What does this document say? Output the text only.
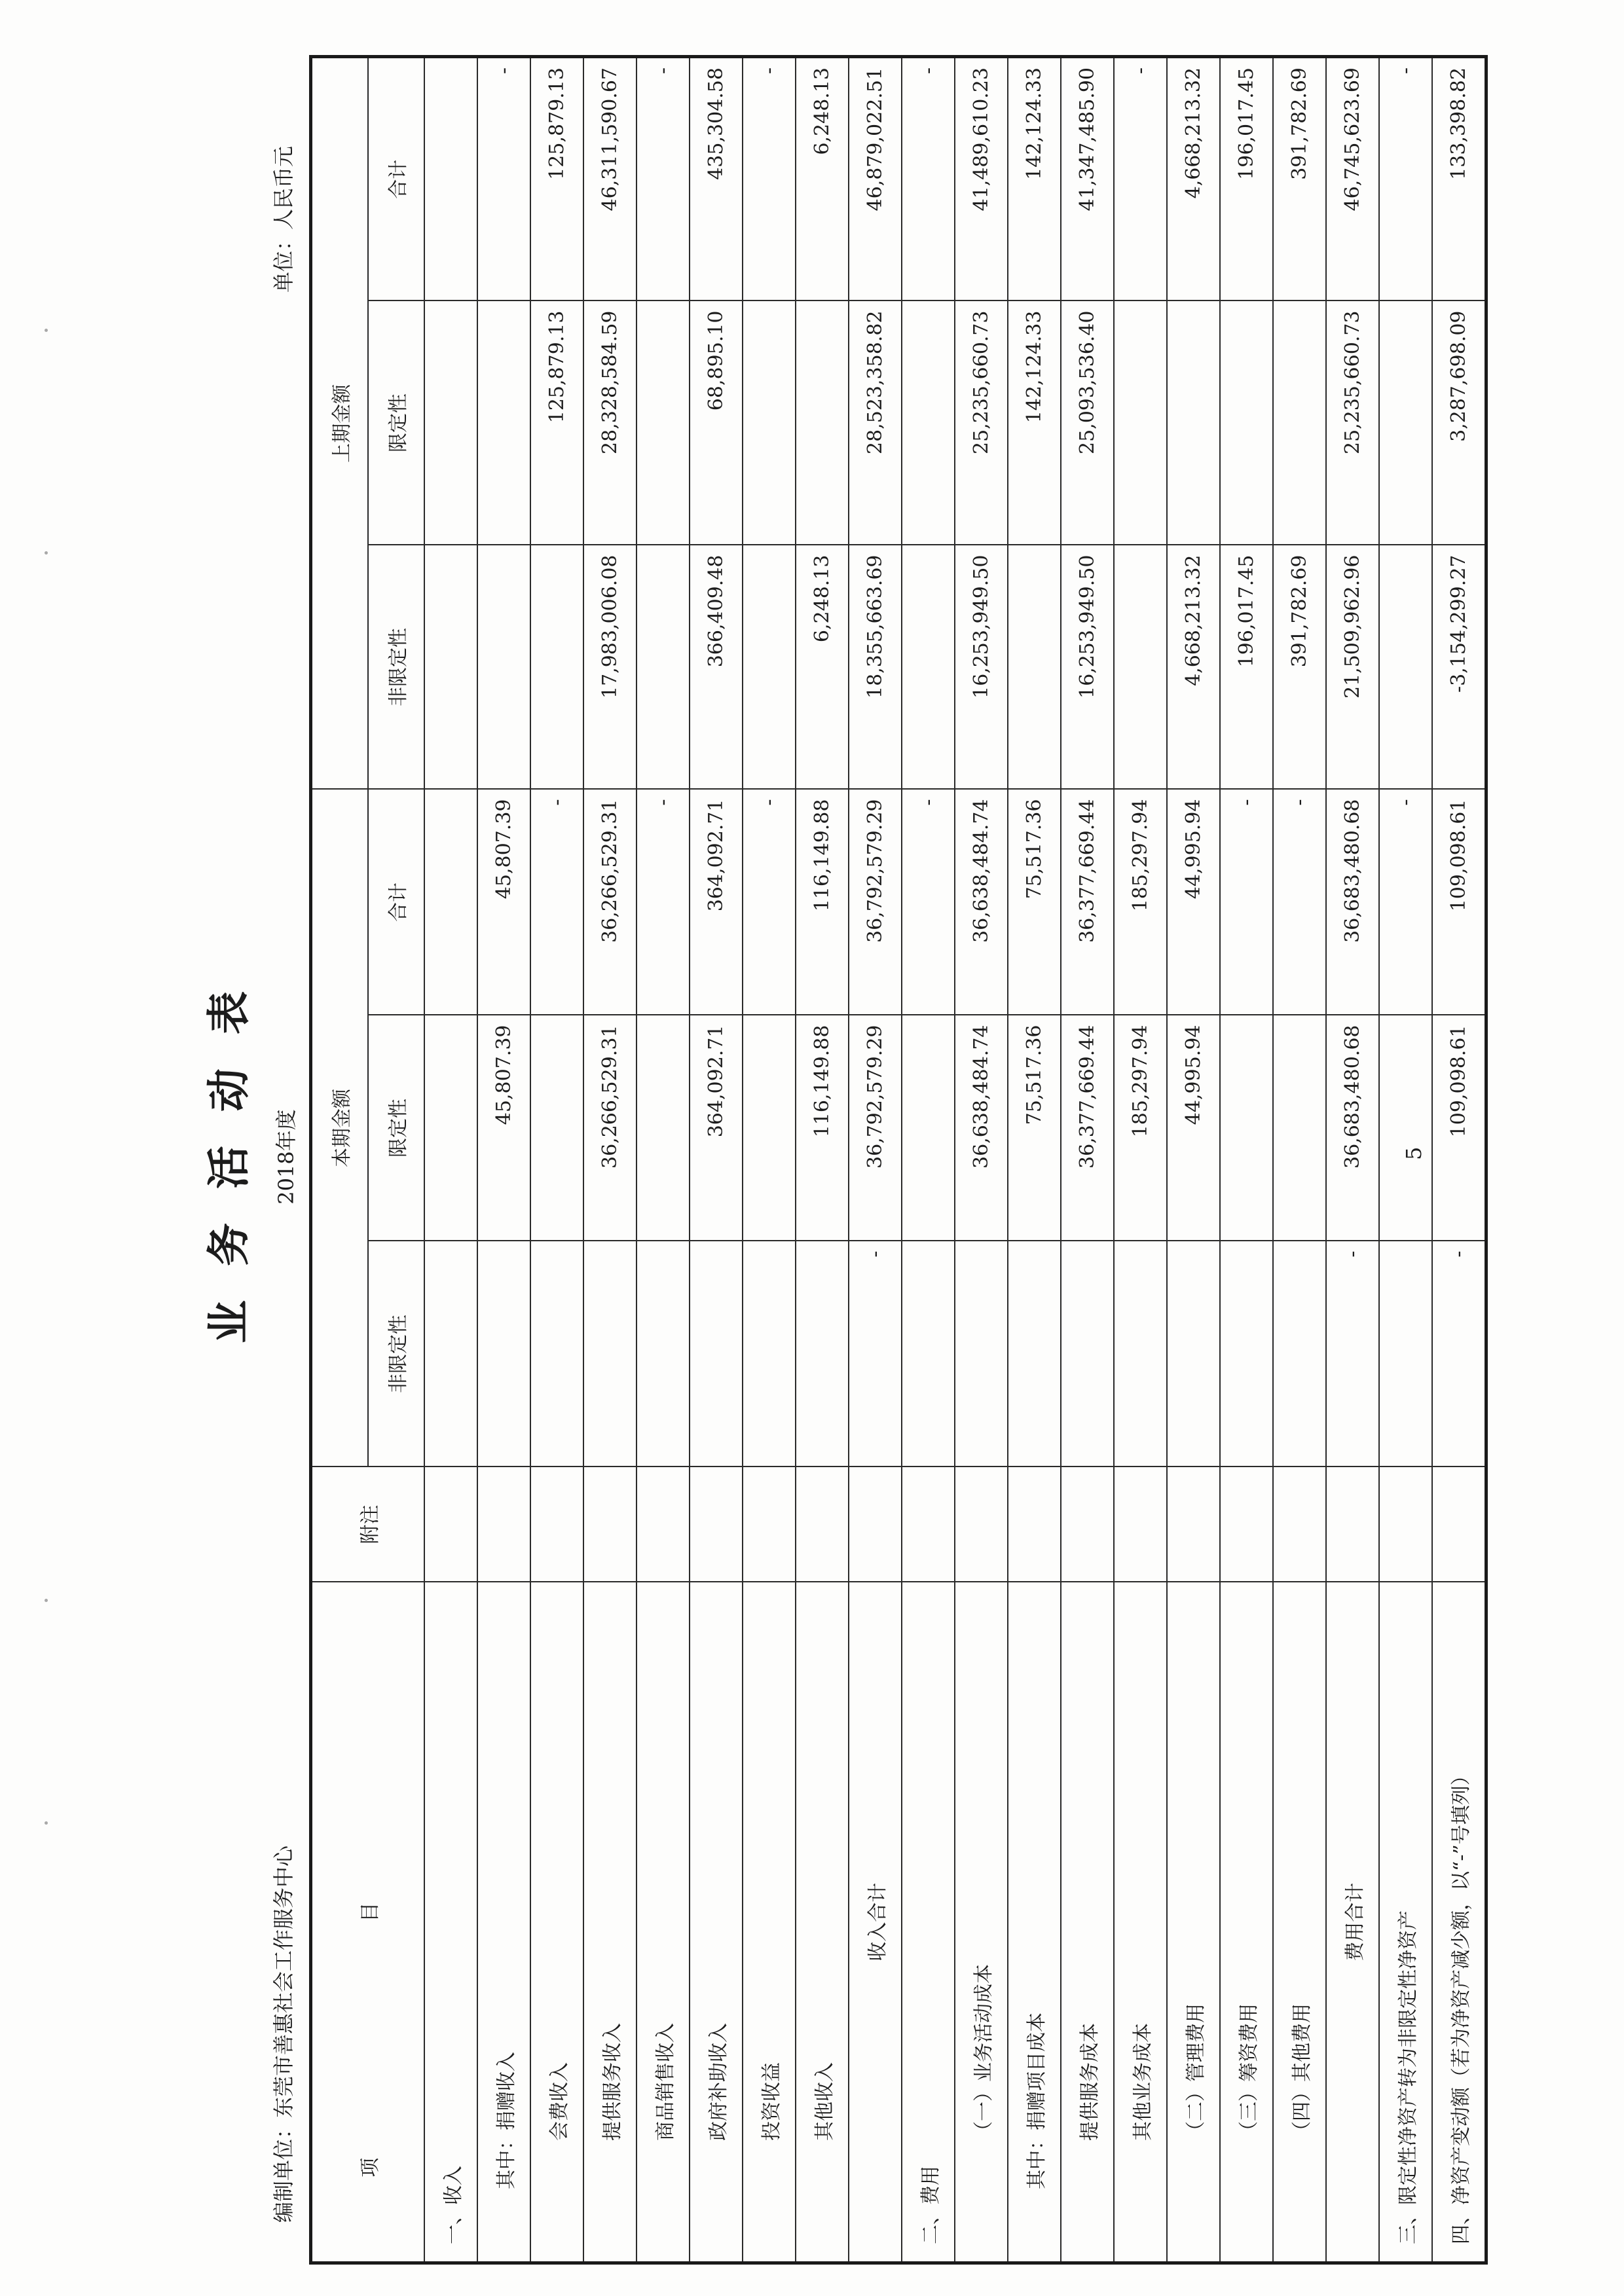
业务活动表 2018年度
编制单位：东莞市善惠社会工作服务中心
单位：人民币元
项目	附注	本期金额			上期金额		
		非限定性	限定性	合计	非限定性	限定性	合计
一、收入							
其中：捐赠收入			45,807.39	45,807.39			-
会费收入				-		125,879.13	125,879.13
提供服务收入			36,266,529.31	36,266,529.31	17,983,006.08	28,328,584.59	46,311,590.67
商品销售收入				-			-
政府补助收入			364,092.71	364,092.71	366,409.48	68,895.10	435,304.58
投资收益				-			-
其他收入			116,149.88	116,149.88	6,248.13		6,248.13
收入合计		-	36,792,579.29	36,792,579.29	18,355,663.69	28,523,358.82	46,879,022.51
二、费用				-			-
（一）业务活动成本			36,638,484.74	36,638,484.74	16,253,949.50	25,235,660.73	41,489,610.23
其中：捐赠项目成本			75,517.36	75,517.36		142,124.33	142,124.33
提供服务成本			36,377,669.44	36,377,669.44	16,253,949.50	25,093,536.40	41,347,485.90
其他业务成本			185,297.94	185,297.94			-
（二）管理费用			44,995.94	44,995.94	4,668,213.32		4,668,213.32
（三）筹资费用				-	196,017.45		196,017.45
（四）其他费用				-	391,782.69		391,782.69
费用合计		-	36,683,480.68	36,683,480.68	21,509,962.96	25,235,660.73	46,745,623.69
三、限定性净资产转为非限定性净资产				-			-
四、净资产变动额（若为净资产减少额，以“-”号填列）		-	109,098.61	109,098.61	-3,154,299.27	3,287,698.09	133,398.82
5
